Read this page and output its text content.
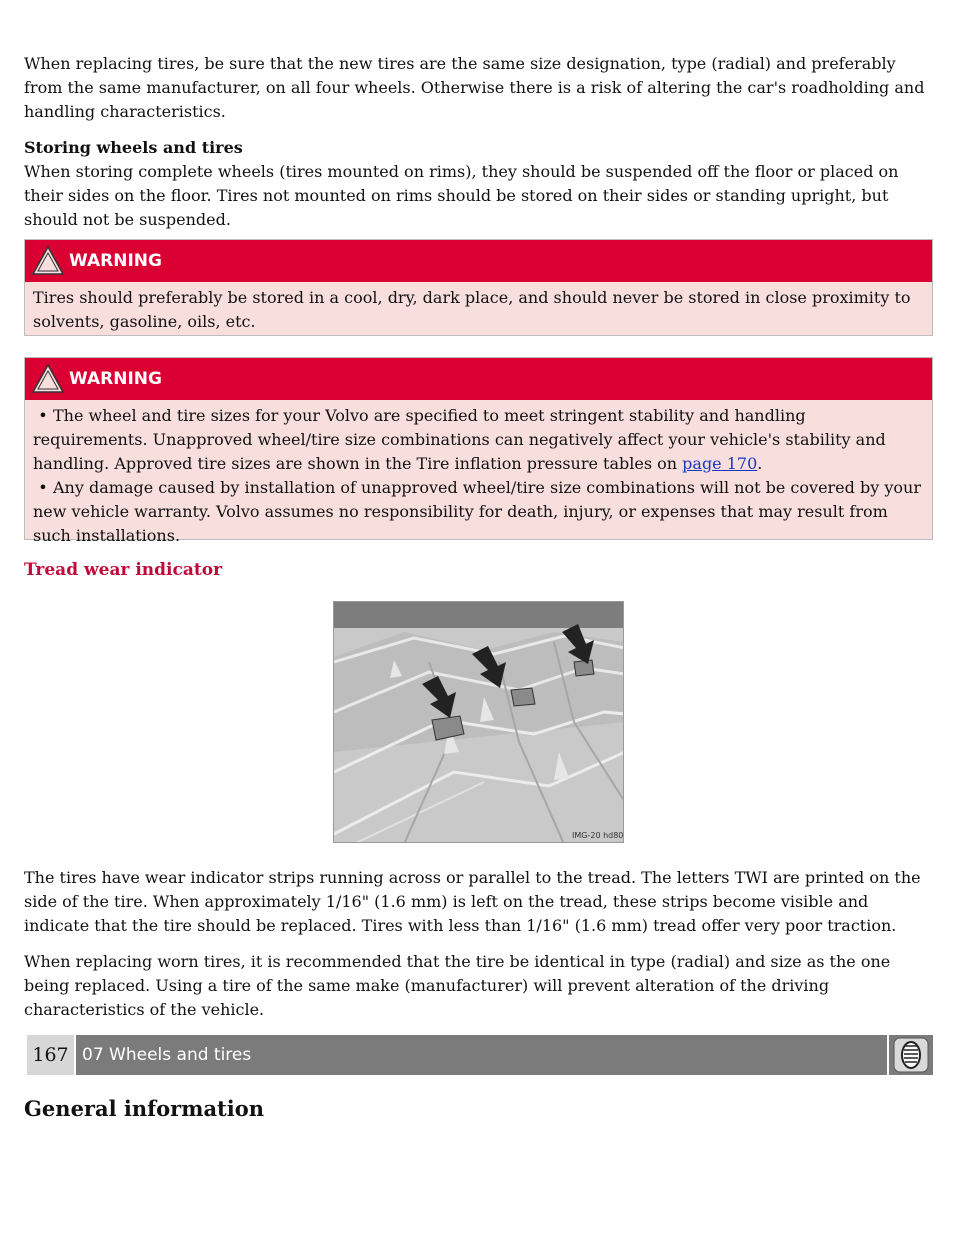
When replacing tires, be sure that the new tires are the same size designation, type (radial) and preferably from the same manufacturer, on all four wheels. Otherwise there is a risk of altering the car's roadholding and handling characteristics.

Storing wheels and tires
When storing complete wheels (tires mounted on rims), they should be suspended off the floor or placed on their sides on the floor. Tires not mounted on rims should be stored on their sides or standing upright, but should not be suspended.

WARNING
Tires should preferably be stored in a cool, dry, dark place, and should never be stored in close proximity to solvents, gasoline, oils, etc.
WARNING
• The wheel and tire sizes for your Volvo are specified to meet stringent stability and handling requirements. Unapproved wheel/tire size combinations can negatively affect your vehicle's stability and handling. Approved tire sizes are shown in the Tire inflation pressure tables on page 170.
• Any damage caused by installation of unapproved wheel/tire size combinations will not be covered by your new vehicle warranty. Volvo assumes no responsibility for death, injury, or expenses that may result from such installations.
Tread wear indicator
IMG-20 hd80

The tires have wear indicator strips running across or parallel to the tread. The letters TWI are printed on the side of the tire. When approximately 1/16" (1.6 mm) is left on the tread, these strips become visible and indicate that the tire should be replaced. Tires with less than 1/16" (1.6 mm) tread offer very poor traction.

When replacing worn tires, it is recommended that the tire be identical in type (radial) and size as the one being replaced. Using a tire of the same make (manufacturer) will prevent alteration of the driving characteristics of the vehicle.

167 07 Wheels and tires
General information
